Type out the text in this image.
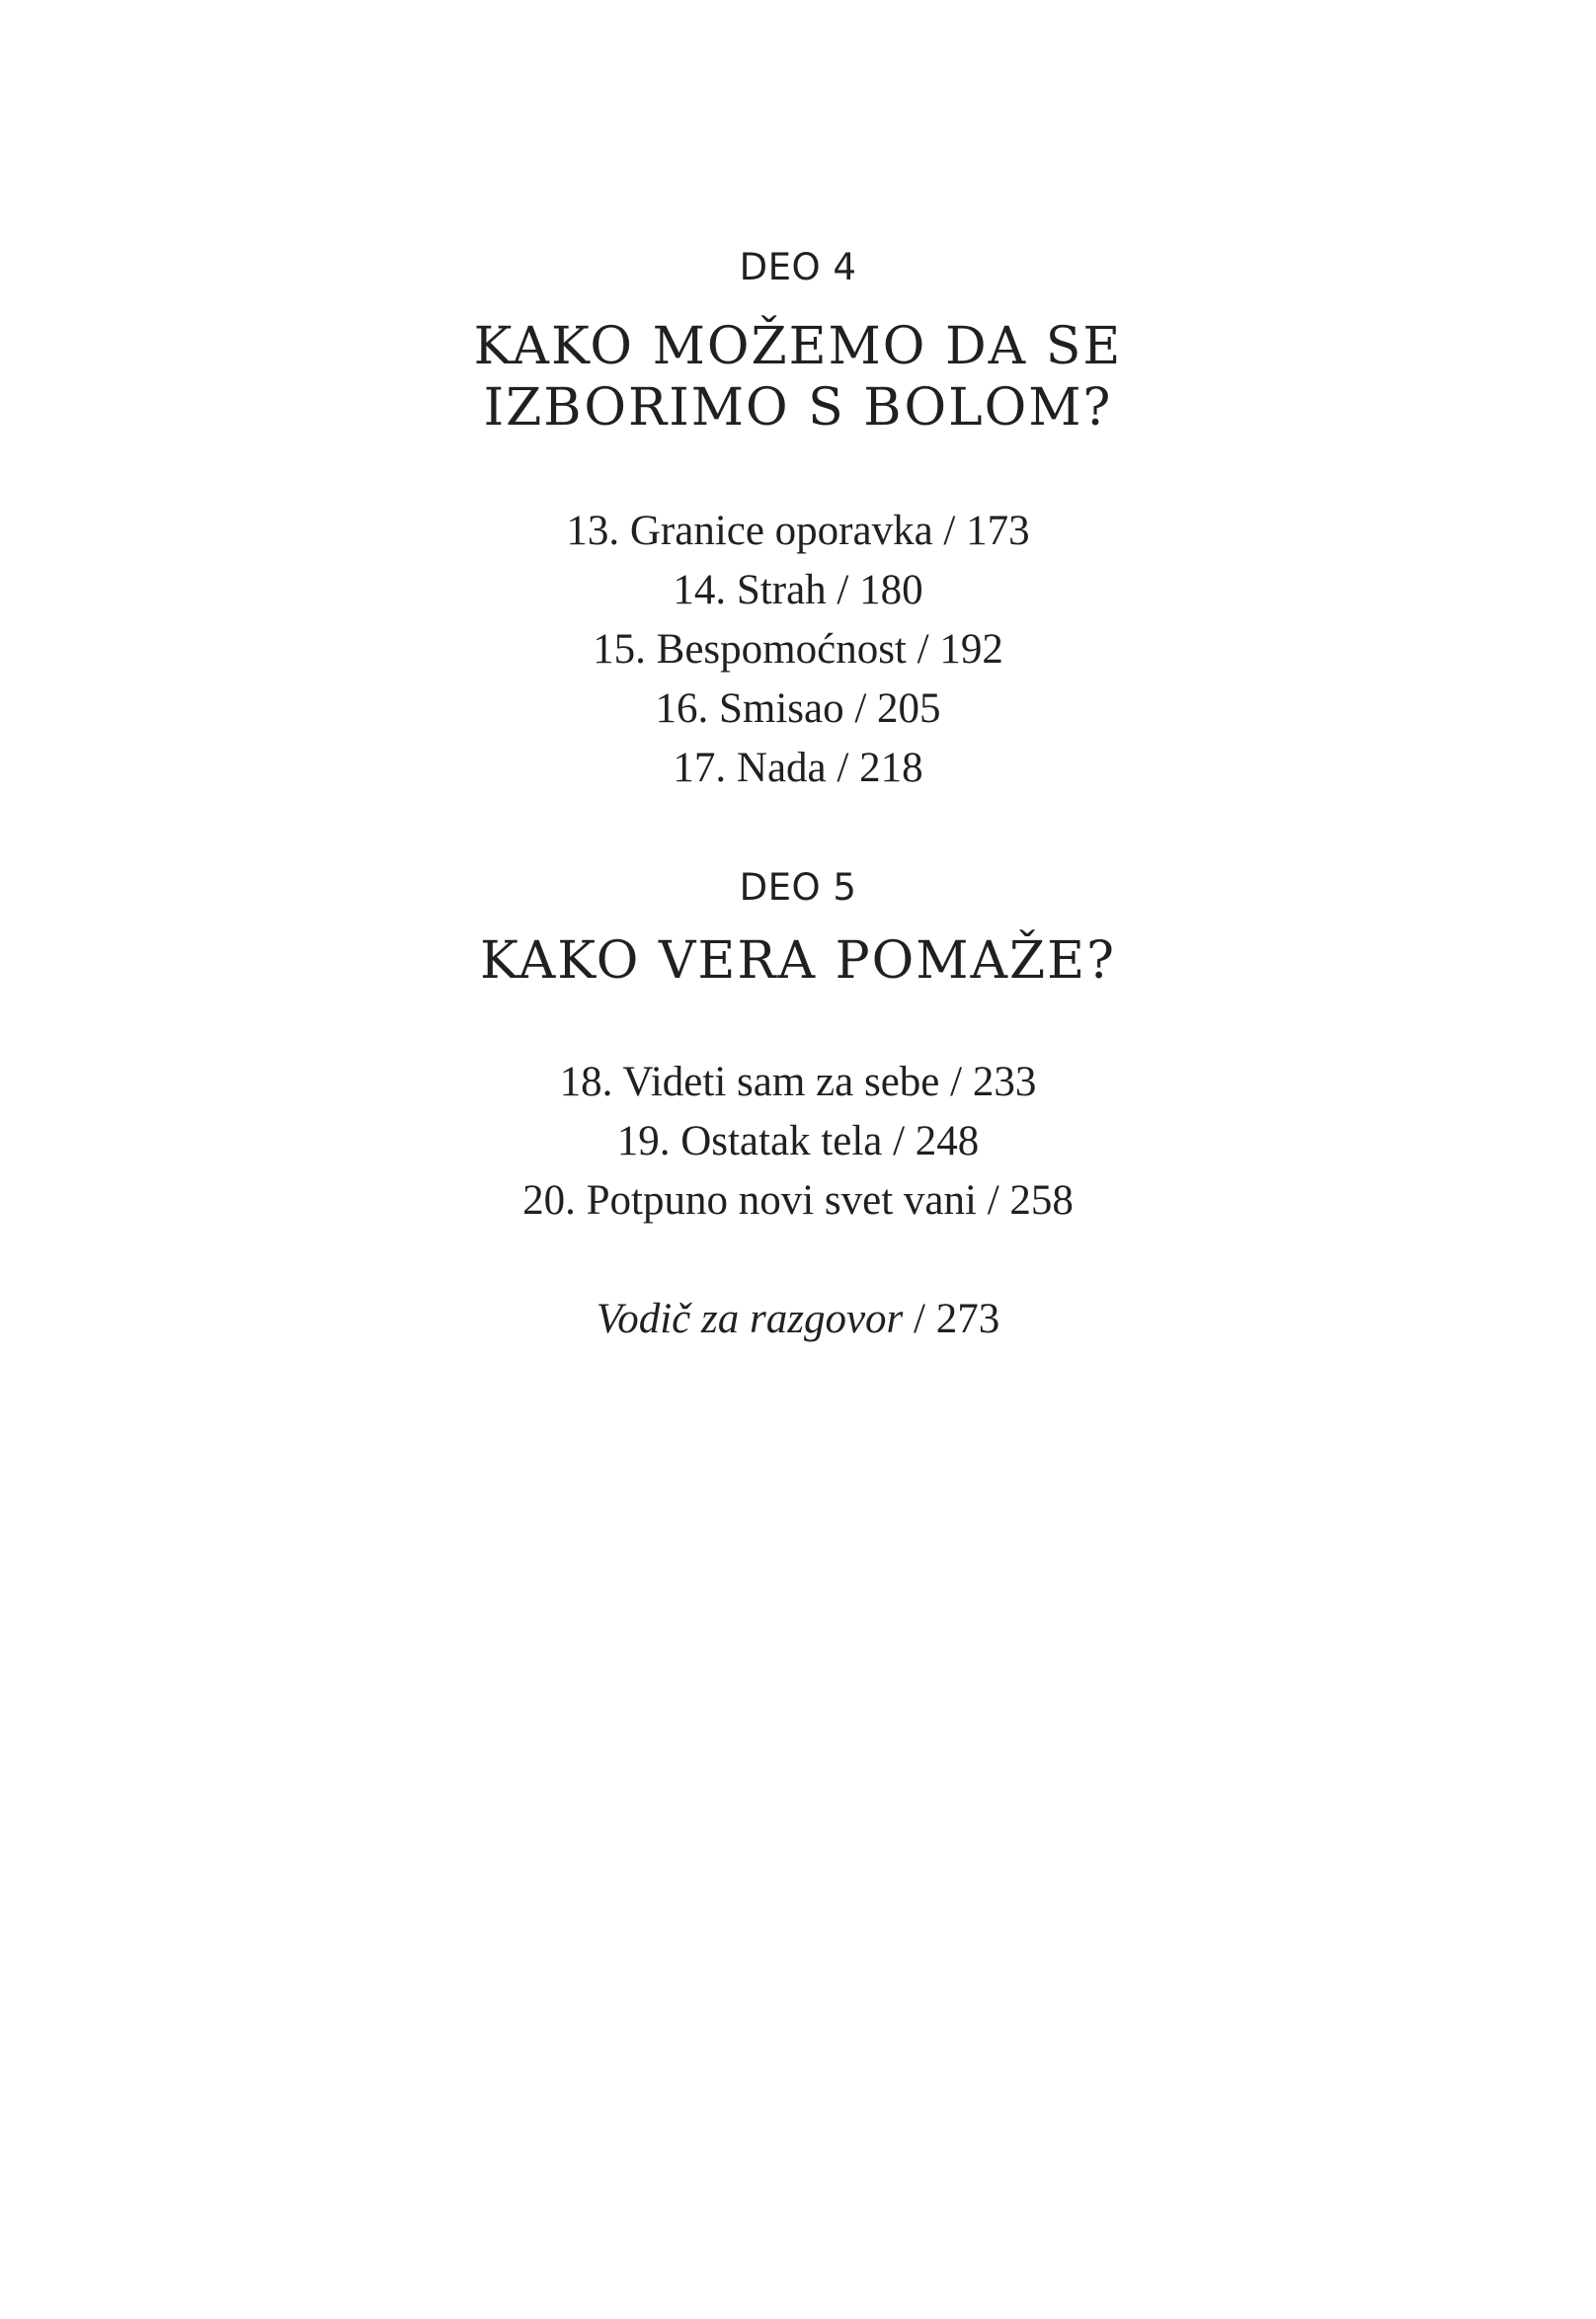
DEO 4
KAKO MOŽEMO DA SE
IZBORIMO S BOLOM?
13. Granice oporavka / 173
14. Strah / 180
15. Bespomoćnost / 192
16. Smisao / 205
17. Nada / 218
DEO 5
KAKO VERA POMAŽE?
18. Videti sam za sebe / 233
19. Ostatak tela / 248
20. Potpuno novi svet vani / 258
Vodič za razgovor / 273
